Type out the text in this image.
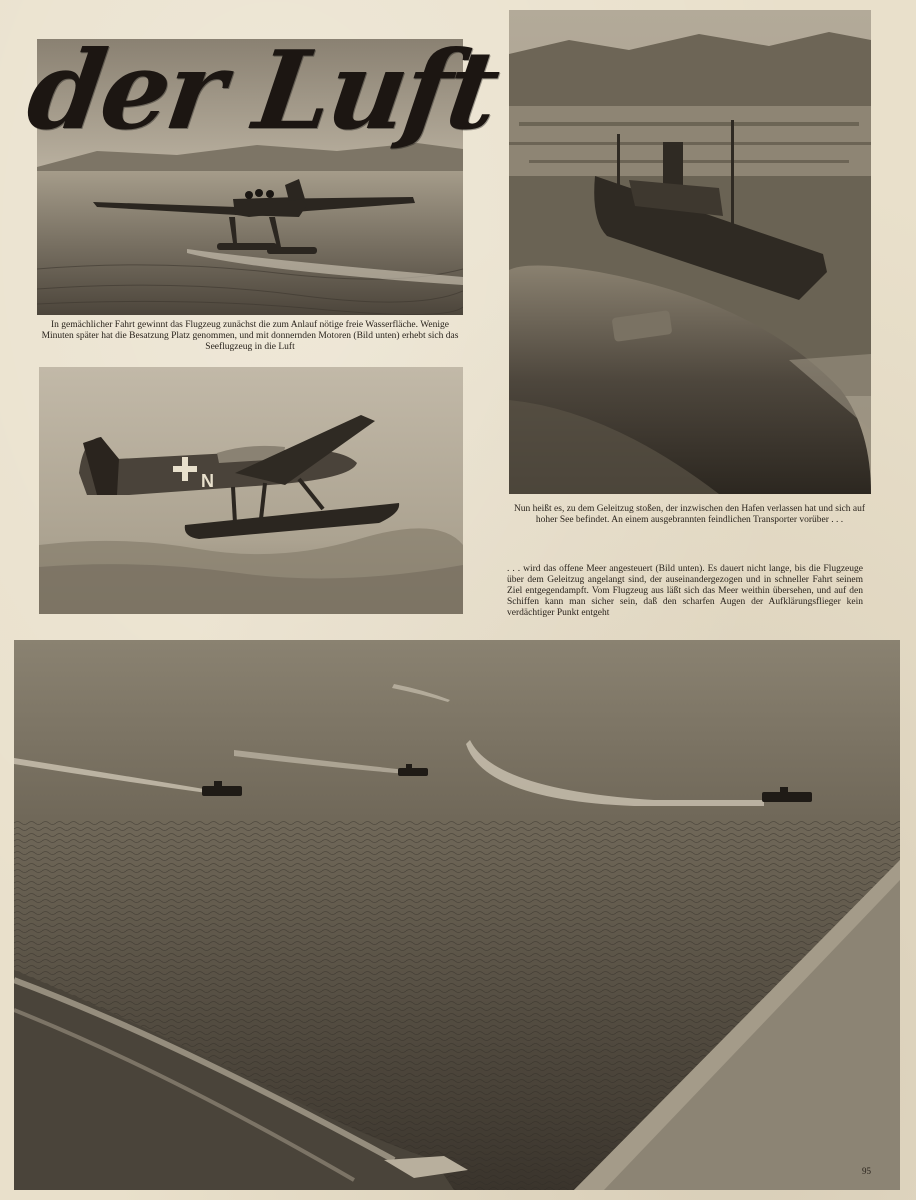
der Luft

In gemächlicher Fahrt gewinnt das Flugzeug zunächst die zum Anlauf nötige freie Wasserfläche. Wenige Minuten später hat die Besatzung Platz genommen, und mit donnernden Motoren (Bild unten) erhebt sich das Seeflugzeug in die Luft

N

Nun heißt es, zu dem Geleitzug stoßen, der inzwischen den Hafen verlassen hat und sich auf hoher See befindet. An einem ausgebrannten feindlichen Transporter vorüber . . .

. . . wird das offene Meer angesteuert (Bild unten). Es dauert nicht lange, bis die Flugzeuge über dem Geleitzug angelangt sind, der auseinandergezogen und in schneller Fahrt seinem Ziel entgegendampft. Vom Flugzeug aus läßt sich das Meer weithin übersehen, und auf den Schiffen kann man sicher sein, daß den scharfen Augen der Aufklärungsflieger kein verdächtiger Punkt entgeht

95
